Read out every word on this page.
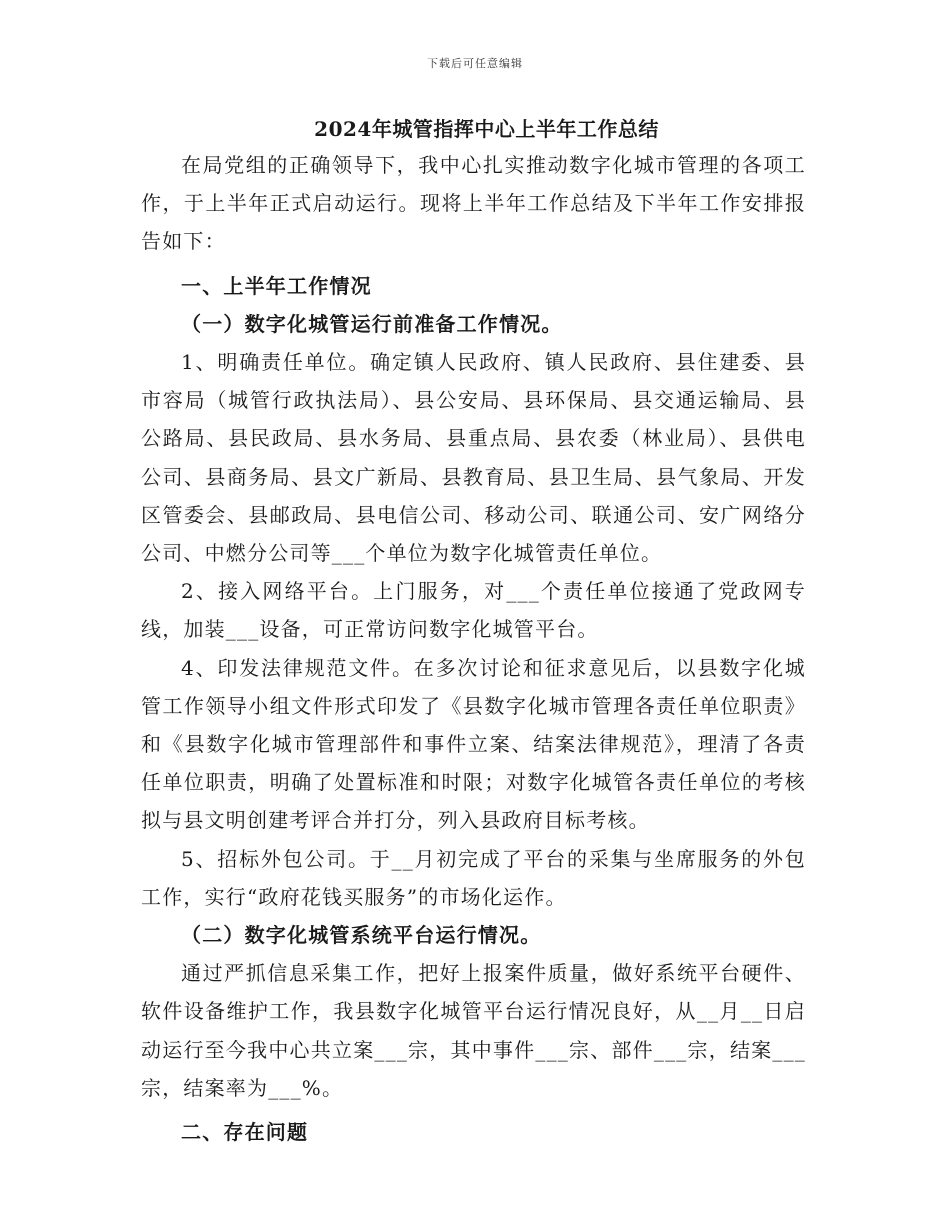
下载后可任意编辑
2024年城管指挥中心上半年工作总结

在局党组的正确领导下，我中心扎实推动数字化城市管理的各项工作，于上半年正式启动运行。现将上半年工作总结及下半年工作安排报告如下：

一、上半年工作情况

（一）数字化城管运行前准备工作情况。

1、明确责任单位。确定镇人民政府、镇人民政府、县住建委、县市容局（城管行政执法局）、县公安局、县环保局、县交通运输局、县公路局、县民政局、县水务局、县重点局、县农委（林业局）、县供电公司、县商务局、县文广新局、县教育局、县卫生局、县气象局、开发区管委会、县邮政局、县电信公司、移动公司、联通公司、安广网络分公司、中燃分公司等___个单位为数字化城管责任单位。

2、接入网络平台。上门服务，对___个责任单位接通了党政网专线，加装___设备，可正常访问数字化城管平台。

4、印发法律规范文件。在多次讨论和征求意见后，以县数字化城管工作领导小组文件形式印发了《县数字化城市管理各责任单位职责》和《县数字化城市管理部件和事件立案、结案法律规范》，理清了各责任单位职责，明确了处置标准和时限；对数字化城管各责任单位的考核拟与县文明创建考评合并打分，列入县政府目标考核。

5、招标外包公司。于__月初完成了平台的采集与坐席服务的外包工作，实行“政府花钱买服务”的市场化运作。

（二）数字化城管系统平台运行情况。

通过严抓信息采集工作，把好上报案件质量，做好系统平台硬件、软件设备维护工作，我县数字化城管平台运行情况良好，从__月__日启动运行至今我中心共立案___宗，其中事件___宗、部件___宗，结案___宗，结案率为___%。

二、存在问题
